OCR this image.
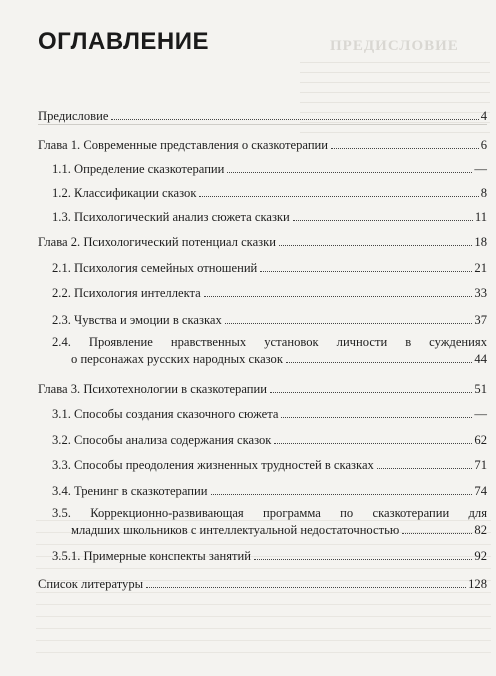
ПРЕДИСЛОВИЕ
ОГЛАВЛЕНИЕ
Предисловие	4
Глава 1. Современные представления о сказкотерапии	6
1.1. Определение сказкотерапии	—
1.2. Классификации сказок	8
1.3. Психологический анализ сюжета сказки	11
Глава 2. Психологический потенциал сказки	18
2.1. Психология семейных отношений	21
2.2. Психология интеллекта	33
2.3. Чувства и эмоции в сказках	37
2.4. Проявление нравственных установок личности в суждениях
о персонажах русских народных сказок	44
Глава 3. Психотехнологии в сказкотерапии	51
3.1. Способы создания сказочного сюжета	—
3.2. Способы анализа содержания сказок	62
3.3. Способы преодоления жизненных трудностей в сказках	71
3.4. Тренинг в сказкотерапии	74
3.5. Коррекционно-развивающая программа по сказкотерапии для
младших школьников с интеллектуальной недостаточностью	82
3.5.1. Примерные конспекты занятий	92
Список литературы	128
